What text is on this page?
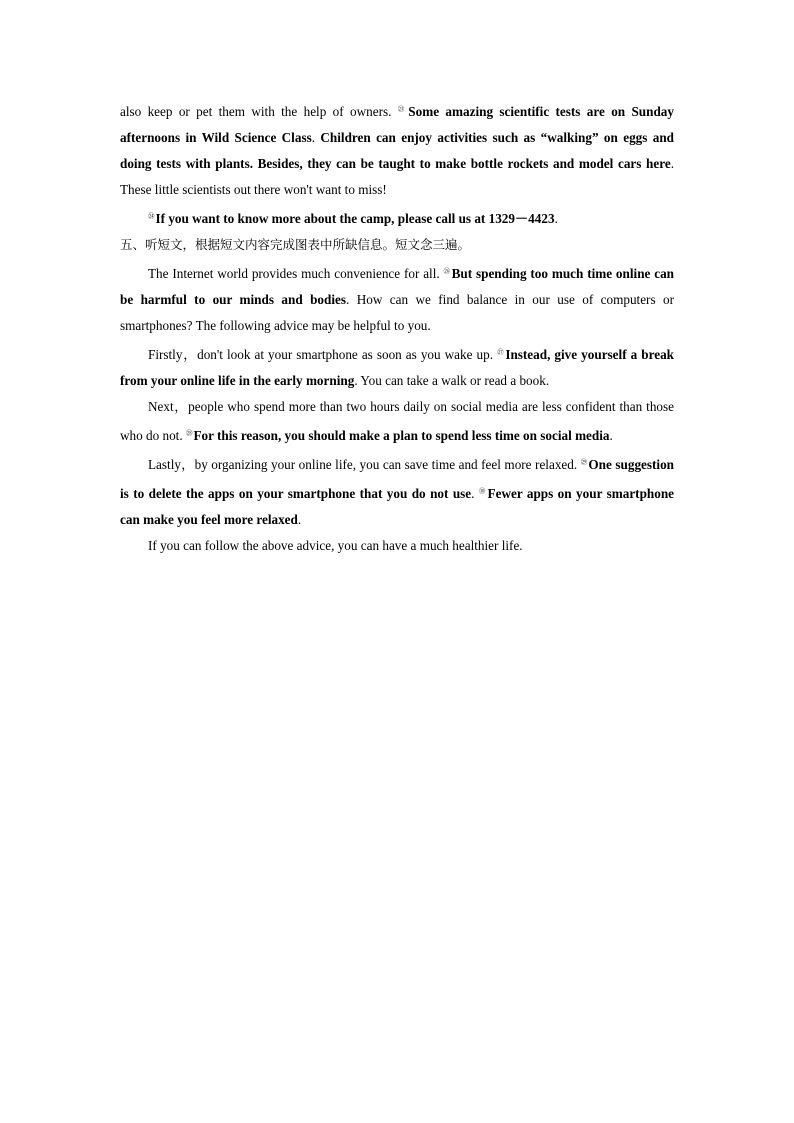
also keep or pet them with the help of owners. $^㉓$Some amazing scientific tests are on Sunday afternoons in Wild Science Class. Children can enjoy activities such as “walking” on eggs and doing tests with plants. Besides, they can be taught to make bottle rockets and model cars here. These little scientists out there won't want to miss!

$^㉔$If you want to know more about the camp, please call us at 1329－4423.

五、听短文，根据短文内容完成图表中所缺信息。短文念三遍。

The Internet world provides much convenience for all. $^㉖$But spending too much time online can be harmful to our minds and bodies. How can we find balance in our use of computers or smartphones? The following advice may be helpful to you.

Firstly，don't look at your smartphone as soon as you wake up. $^㉗$Instead, give yourself a break from your online life in the early morning. You can take a walk or read a book.

Next，people who spend more than two hours daily on social media are less confident than those who do not. $^㉘$For this reason, you should make a plan to spend less time on social media.

Lastly，by organizing your online life, you can save time and feel more relaxed. $^㉙$One suggestion is to delete the apps on your smartphone that you do not use. $^㉚$Fewer apps on your smartphone can make you feel more relaxed.

If you can follow the above advice, you can have a much healthier life.
